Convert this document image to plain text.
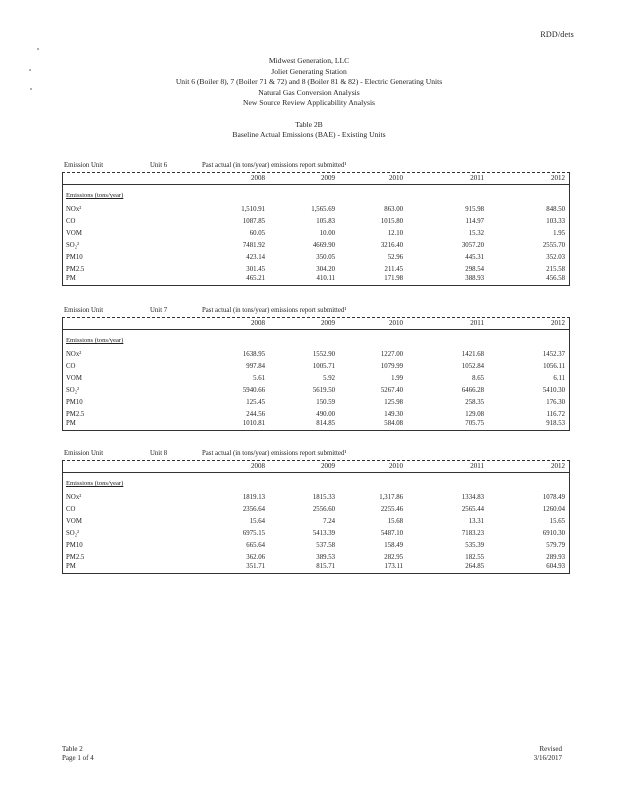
RDD/dets
Midwest Generation, LLC
Joliet Generating Station
Unit 6 (Boiler 8), 7 (Boiler 71 & 72) and 8 (Boiler 81 & 82) - Electric Generating Units
Natural Gas Conversion Analysis
New Source Review Applicability Analysis
Table 2B
Baseline Actual Emissions (BAE) - Existing Units
Emission Unit	Unit 6	Past actual (in tons/year) emissions report submitted¹
2008	2009	2010	2011	2012
Emissions (tons/year)
NOx²	1,510.91	1,565.69	863.00	915.98	848.50
CO	1087.85	105.83	1015.80	114.97	103.33
VOM	60.05	10.00	12.10	15.32	1.95
SO₂²	7481.92	4669.90	3216.40	3057.20	2555.70
PM10	423.14	350.05	52.96	445.31	352.03
PM2.5	301.45	304.20	211.45	298.54	215.58
PM	465.21	410.11	171.98	388.93	456.58
Emission Unit	Unit 7	Past actual (in tons/year) emissions report submitted¹
2008	2009	2010	2011	2012
Emissions (tons/year)
NOx²	1638.95	1552.90	1227.00	1421.68	1452.37
CO	997.84	1005.71	1079.99	1052.84	1056.11
VOM	5.61	5.92	1.99	8.65	6.11
SO₂²	5940.66	5619.50	5267.40	6466.28	5410.30
PM10	125.45	150.59	125.98	258.35	176.30
PM2.5	244.56	490.00	149.30	129.08	116.72
PM	1010.81	814.85	584.08	705.75	918.53
Emission Unit	Unit 8	Past actual (in tons/year) emissions report submitted¹
2008	2009	2010	2011	2012
Emissions (tons/year)
NOx²	1819.13	1815.33	1,317.86	1334.83	1078.49
CO	2356.64	2556.60	2255.46	2565.44	1260.04
VOM	15.64	7.24	15.68	13.31	15.65
SO₂²	6975.15	5413.39	5487.10	7183.23	6910.30
PM10	665.64	537.58	158.49	535.39	579.79
PM2.5	362.06	389.53	282.95	182.55	289.93
PM	351.71	815.71	173.11	264.85	604.93
Table 2
Page 1 of 4
Revised
3/16/2017
